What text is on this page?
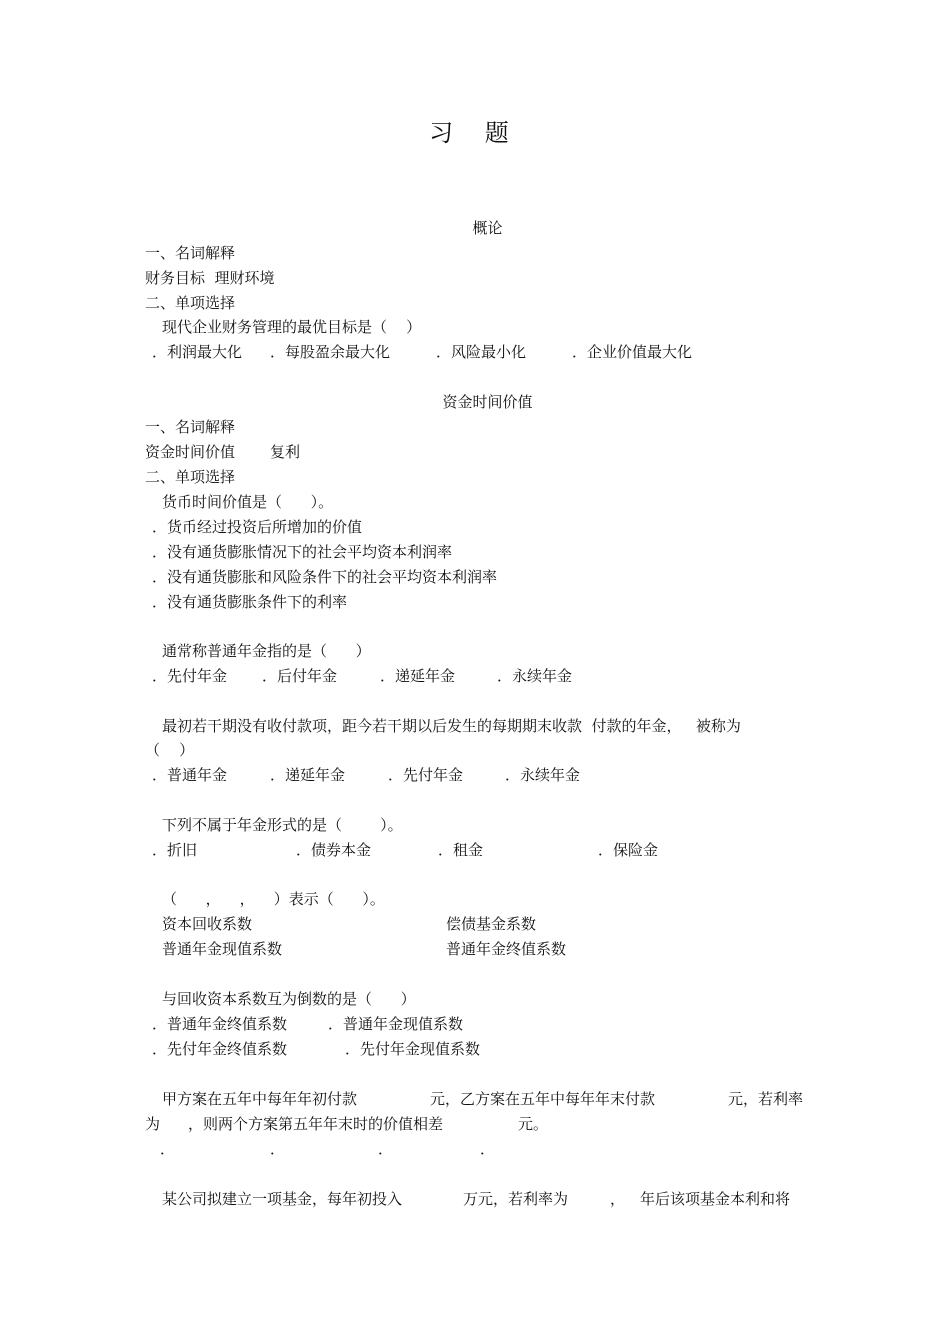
习 题
概论
一、名词解释
财务目标  理财环境
二、单项选择
现代企业财务管理的最优目标是（    ）
．利润最大化 ．每股盈余最大化	．风险最小化	．企业价值最大化
资金时间价值
一、名词解释
资金时间价值 复利
二、单项选择
货币时间价值是（      ）。
．货币经过投资后所增加的价值
．没有通货膨胀情况下的社会平均资本利润率
．没有通货膨胀和风险条件下的社会平均资本利润率
．没有通货膨胀条件下的利率
通常称普通年金指的是（      ）
．先付年金 ．后付年金	．递延年金	．永续年金
最初若干期没有收付款项，距今若干期以后发生的每期期末收款  付款的年金，   被称为
（    ）
．普通年金	．递延年金	．先付年金	．永续年金
下列不属于年金形式的是（        ）。
．折旧	．债券本金	．租金	．保险金
（      ，    ，    ）表示（      ）。
资本回收系数	偿债基金系数
普通年金现值系数	普通年金终值系数
与回收资本系数互为倒数的是（      ）
．普通年金终值系数	．普通年金现值系数
．先付年金终值系数	．先付年金现值系数
甲方案在五年中每年年初付款	元，乙方案在五年中每年年末付款	元，若利率
为 ，则两个方案第五年年末时的价值相差	元。
．	．	．	．
某公司拟建立一项基金，每年初投入	万元，若利率为	， 年后该项基金本利和将
